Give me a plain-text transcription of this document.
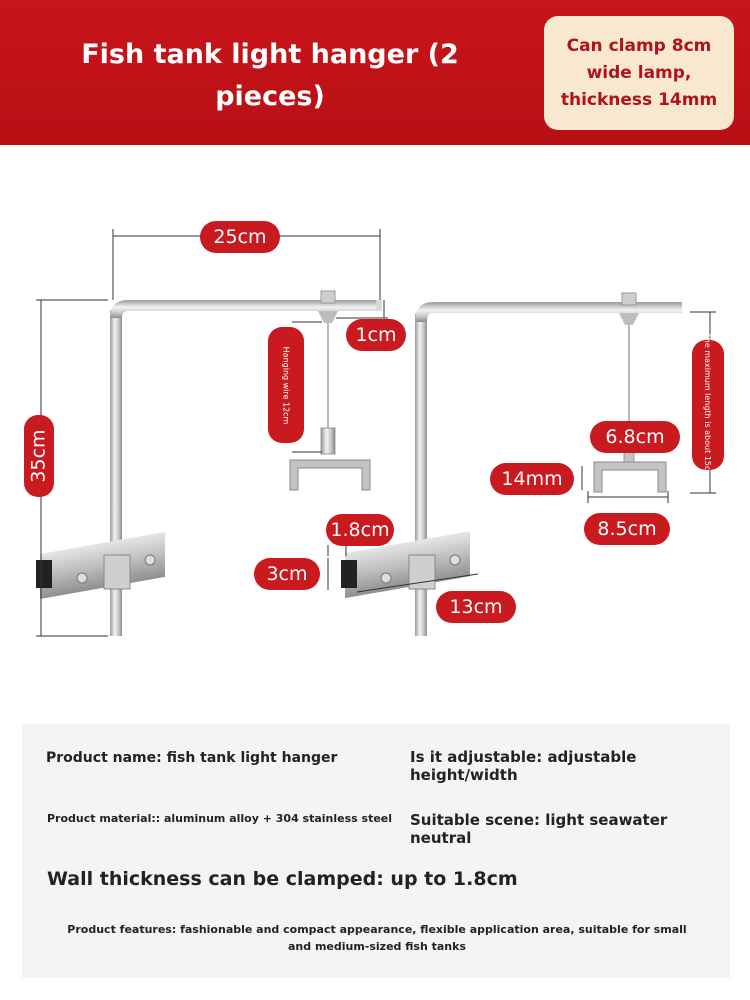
Fish tank light hanger (2 pieces)
Can clamp 8cm
wide lamp,
thickness 14mm
25cm
35cm
1cm
Hanging wire 12cm
1.8cm
3cm
13cm
The maximum length is about 15cm
6.8cm
14mm
8.5cm
Product name: fish tank light hanger	Is it adjustable: adjustable height/width
Product material:: aluminum alloy + 304 stainless steel Suitable scene: light seawater neutral
Wall thickness can be clamped: up to 1.8cm
Product features: fashionable and compact appearance, flexible application area, suitable for small and medium-sized fish tanks
